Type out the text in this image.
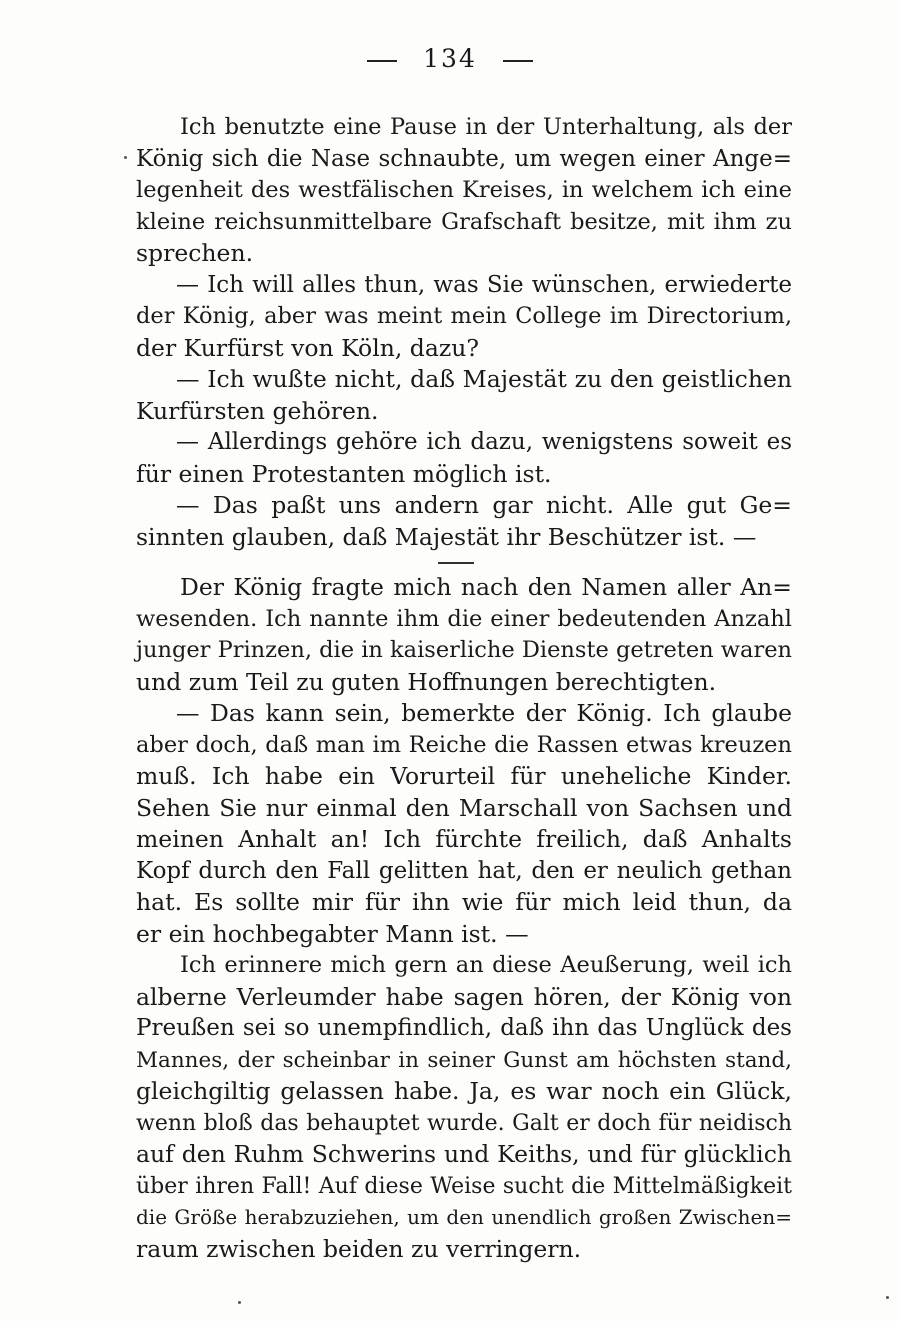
134
Ich benutzte eine Pause in der Unterhaltung, als der
König sich die Nase schnaubte, um wegen einer Ange=
legenheit des westfälischen Kreises, in welchem ich eine
kleine reichsunmittelbare Grafschaft besitze, mit ihm zu
sprechen.
— Ich will alles thun, was Sie wünschen, erwiederte
der König, aber was meint mein College im Directorium,
der Kurfürst von Köln, dazu?
— Ich wußte nicht, daß Majestät zu den geistlichen
Kurfürsten gehören.
— Allerdings gehöre ich dazu, wenigstens soweit es
für einen Protestanten möglich ist.
— Das paßt uns andern gar nicht. Alle gut Ge=
sinnten glauben, daß Majestät ihr Beschützer ist. —
Der König fragte mich nach den Namen aller An=
wesenden. Ich nannte ihm die einer bedeutenden Anzahl
junger Prinzen, die in kaiserliche Dienste getreten waren
und zum Teil zu guten Hoffnungen berechtigten.
— Das kann sein, bemerkte der König. Ich glaube
aber doch, daß man im Reiche die Rassen etwas kreuzen
muß. Ich habe ein Vorurteil für uneheliche Kinder.
Sehen Sie nur einmal den Marschall von Sachsen und
meinen Anhalt an! Ich fürchte freilich, daß Anhalts
Kopf durch den Fall gelitten hat, den er neulich gethan
hat. Es sollte mir für ihn wie für mich leid thun, da
er ein hochbegabter Mann ist. —
Ich erinnere mich gern an diese Aeußerung, weil ich
alberne Verleumder habe sagen hören, der König von
Preußen sei so unempfindlich, daß ihn das Unglück des
Mannes, der scheinbar in seiner Gunst am höchsten stand,
gleichgiltig gelassen habe. Ja, es war noch ein Glück,
wenn bloß das behauptet wurde. Galt er doch für neidisch
auf den Ruhm Schwerins und Keiths, und für glücklich
über ihren Fall! Auf diese Weise sucht die Mittelmäßigkeit
die Größe herabzuziehen, um den unendlich großen Zwischen=
raum zwischen beiden zu verringern.
